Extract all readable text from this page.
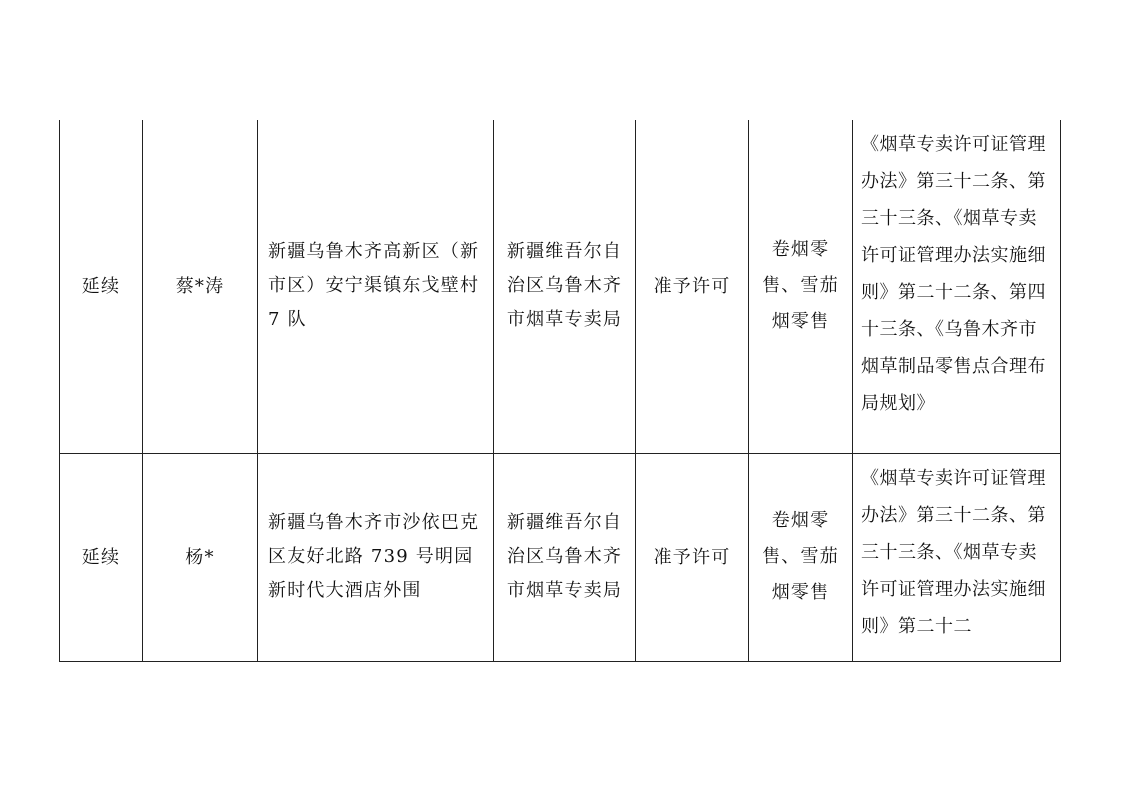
延续	蔡*涛	新疆乌鲁木齐高新区（新市区）安宁渠镇东戈壁村 7 队	新疆维吾尔自治区乌鲁木齐市烟草专卖局	准予许可	卷烟零售、雪茄烟零售	《烟草专卖许可证管理办法》第三十二条、第三十三条、《烟草专卖许可证管理办法实施细则》第二十二条、第四十三条、《乌鲁木齐市烟草制品零售点合理布局规划》

延续	杨*	新疆乌鲁木齐市沙依巴克区友好北路 739 号明园新时代大酒店外围	新疆维吾尔自治区乌鲁木齐市烟草专卖局	准予许可	卷烟零售、雪茄烟零售	《烟草专卖许可证管理办法》第三十二条、第三十三条、《烟草专卖许可证管理办法实施细则》第二十二
